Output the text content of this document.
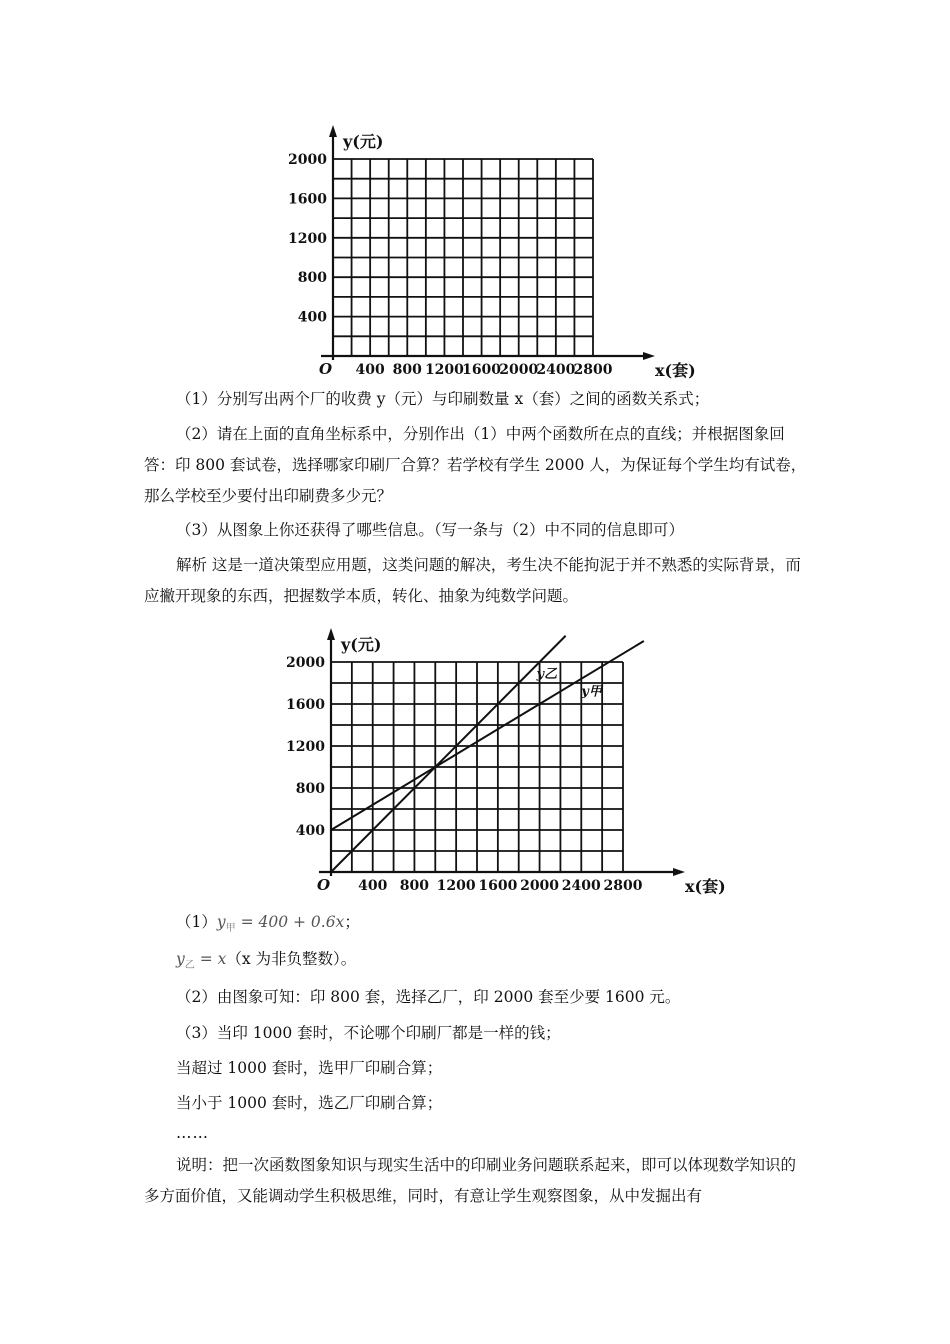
400 800 1200
1600
2000
2400
2800
400
800
1200
1600
2000
O	x(套)
y(元)

（1）分别写出两个厂的收费 y（元）与印刷数量 x（套）之间的函数关系式；

（2）请在上面的直角坐标系中，分别作出（1）中两个函数所在点的直线；并根据图象回答：印 800 套试卷，选择哪家印刷厂合算？若学校有学生 2000 人，为保证每个学生均有试卷，那么学校至少要付出印刷费多少元？

（3）从图象上你还获得了哪些信息。（写一条与（2）中不同的信息即可）

解析 这是一道决策型应用题，这类问题的解决，考生决不能拘泥于并不熟悉的实际背景，而应撇开现象的东西，把握数学本质，转化、抽象为纯数学问题。

400 800 1200 1600 2000 2400 2800
400
800
1200
1600
2000
O	x(套)
y(元)
y乙
y甲
$(1)y_甲 = 400 + 0.6x$；
$y_乙 = x(x$ 为非负整数）。

（2）由图象可知：印 800 套，选择乙厂，印 2000 套至少要 1600 元。

（3）当印 1000 套时，不论哪个印刷厂都是一样的钱；

当超过 1000 套时，选甲厂印刷合算；

当小于 1000 套时，选乙厂印刷合算；

……

说明：把一次函数图象知识与现实生活中的印刷业务问题联系起来，即可以体现数学知识的多方面价值，又能调动学生积极思维，同时，有意让学生观察图象，从中发掘出有
